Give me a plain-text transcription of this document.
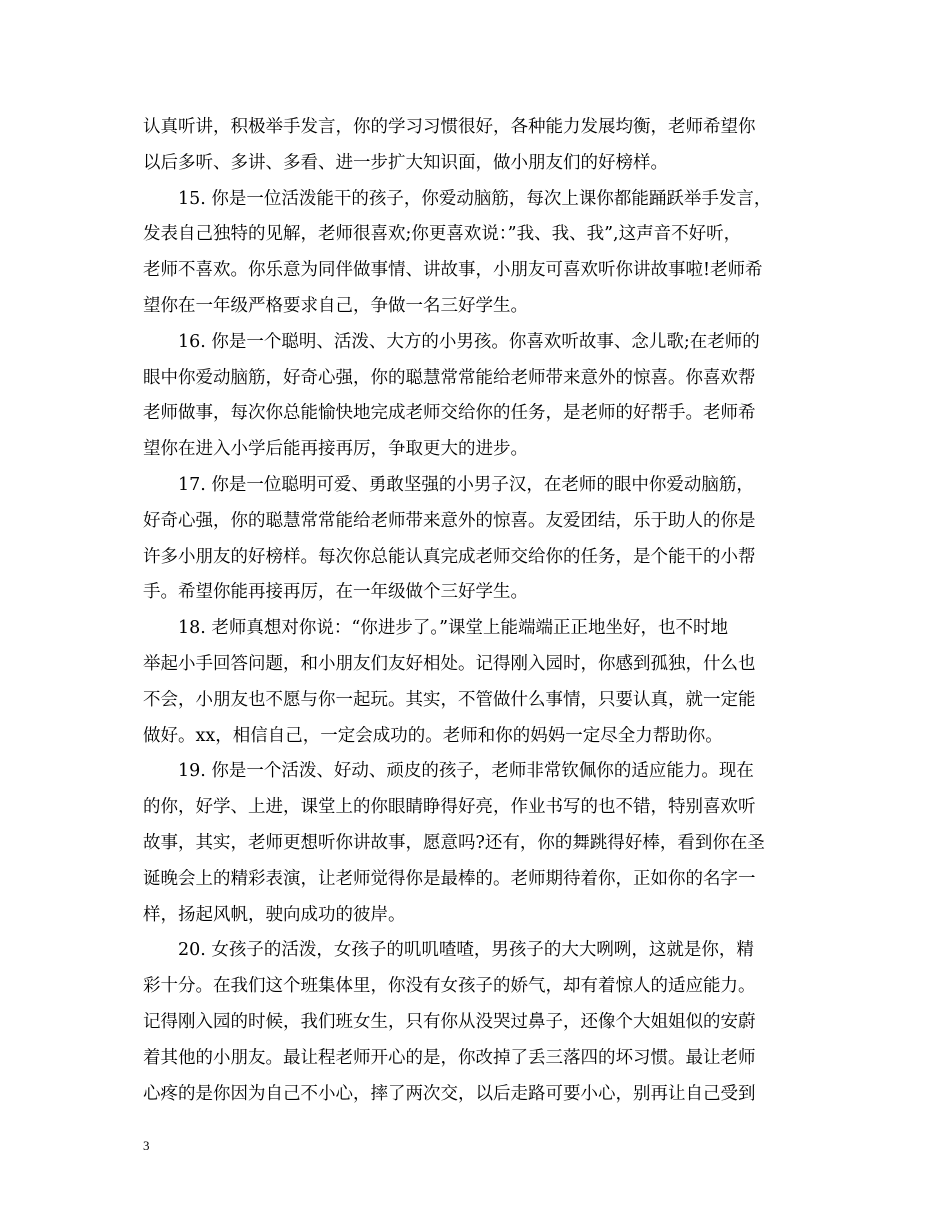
认真听讲，积极举手发言，你的学习习惯很好，各种能力发展均衡，老师希望你
以后多听、多讲、多看、进一步扩大知识面，做小朋友们的好榜样。

15. 你是一位活泼能干的孩子，你爱动脑筋，每次上课你都能踊跃举手发言，
发表自己独特的见解，老师很喜欢;你更喜欢说：”我、我、我”,这声音不好听，
老师不喜欢。你乐意为同伴做事情、讲故事，小朋友可喜欢听你讲故事啦!老师希
望你在一年级严格要求自己，争做一名三好学生。

16. 你是一个聪明、活泼、大方的小男孩。你喜欢听故事、念儿歌;在老师的
眼中你爱动脑筋，好奇心强，你的聪慧常常能给老师带来意外的惊喜。你喜欢帮
老师做事，每次你总能愉快地完成老师交给你的任务，是老师的好帮手。老师希
望你在进入小学后能再接再厉，争取更大的进步。

17. 你是一位聪明可爱、勇敢坚强的小男子汉，在老师的眼中你爱动脑筋，
好奇心强，你的聪慧常常能给老师带来意外的惊喜。友爱团结，乐于助人的你是
许多小朋友的好榜样。每次你总能认真完成老师交给你的任务，是个能干的小帮
手。希望你能再接再厉，在一年级做个三好学生。

18. 老师真想对你说：“你进步了。”课堂上能端端正正地坐好，也不时地
举起小手回答问题，和小朋友们友好相处。记得刚入园时，你感到孤独，什么也
不会，小朋友也不愿与你一起玩。其实，不管做什么事情，只要认真，就一定能
做好。xx，相信自己，一定会成功的。老师和你的妈妈一定尽全力帮助你。

19. 你是一个活泼、好动、顽皮的孩子，老师非常钦佩你的适应能力。现在
的你，好学、上进，课堂上的你眼睛睁得好亮，作业书写的也不错，特别喜欢听
故事，其实，老师更想听你讲故事，愿意吗?还有，你的舞跳得好棒，看到你在圣
诞晚会上的精彩表演，让老师觉得你是最棒的。老师期待着你，正如你的名字一
样，扬起风帆，驶向成功的彼岸。

20. 女孩子的活泼，女孩子的叽叽喳喳，男孩子的大大咧咧，这就是你，精
彩十分。在我们这个班集体里，你没有女孩子的娇气，却有着惊人的适应能力。
记得刚入园的时候，我们班女生，只有你从没哭过鼻子，还像个大姐姐似的安蔚
着其他的小朋友。最让程老师开心的是，你改掉了丢三落四的坏习惯。最让老师
心疼的是你因为自己不小心，摔了两次交，以后走路可要小心，别再让自己受到

3
